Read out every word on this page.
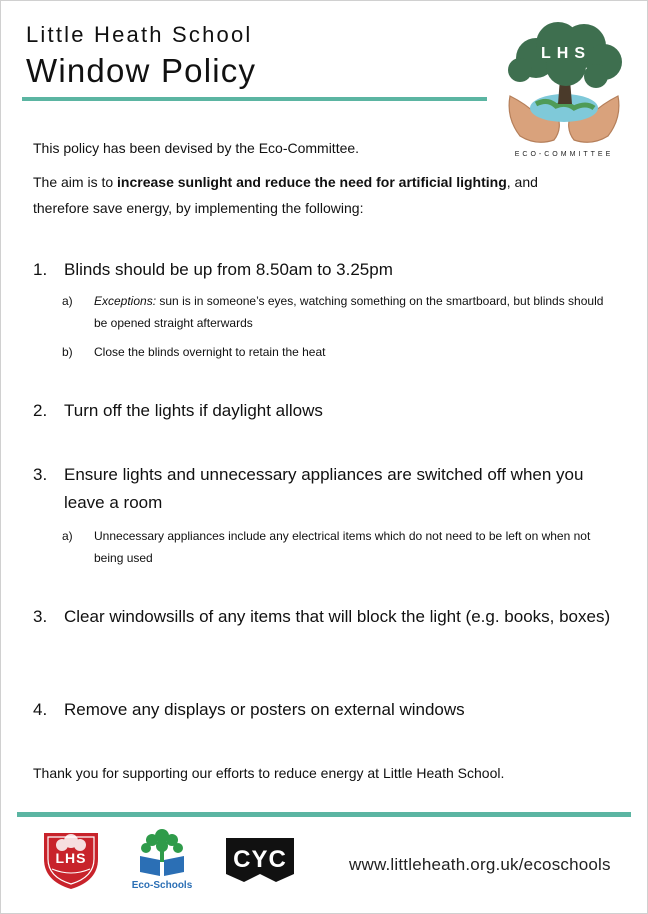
Little Heath School
Window Policy	LHS
ECO-COMMITTEE
This policy has been devised by the Eco-Committee.
The aim is to increase sunlight and reduce the need for artificial lighting, and therefore save energy, by implementing the following:
1. Blinds should be up from 8.50am to 3.25pm
a) Exceptions: sun is in someone’s eyes, watching something on the smartboard, but blinds should be opened straight afterwards
b) Close the blinds overnight to retain the heat
2. Turn off the lights if daylight allows
3. Ensure lights and unnecessary appliances are switched off when you leave a room
a) Unnecessary appliances include any electrical items which do not need to be left on when not being used
3. Clear windowsills of any items that will block the light (e.g. books, boxes)
4. Remove any displays or posters on external windows
Thank you for supporting our efforts to reduce energy at Little Heath School.
LHS
Eco-Schools
CYC	www.littleheath.org.uk/ecoschools
